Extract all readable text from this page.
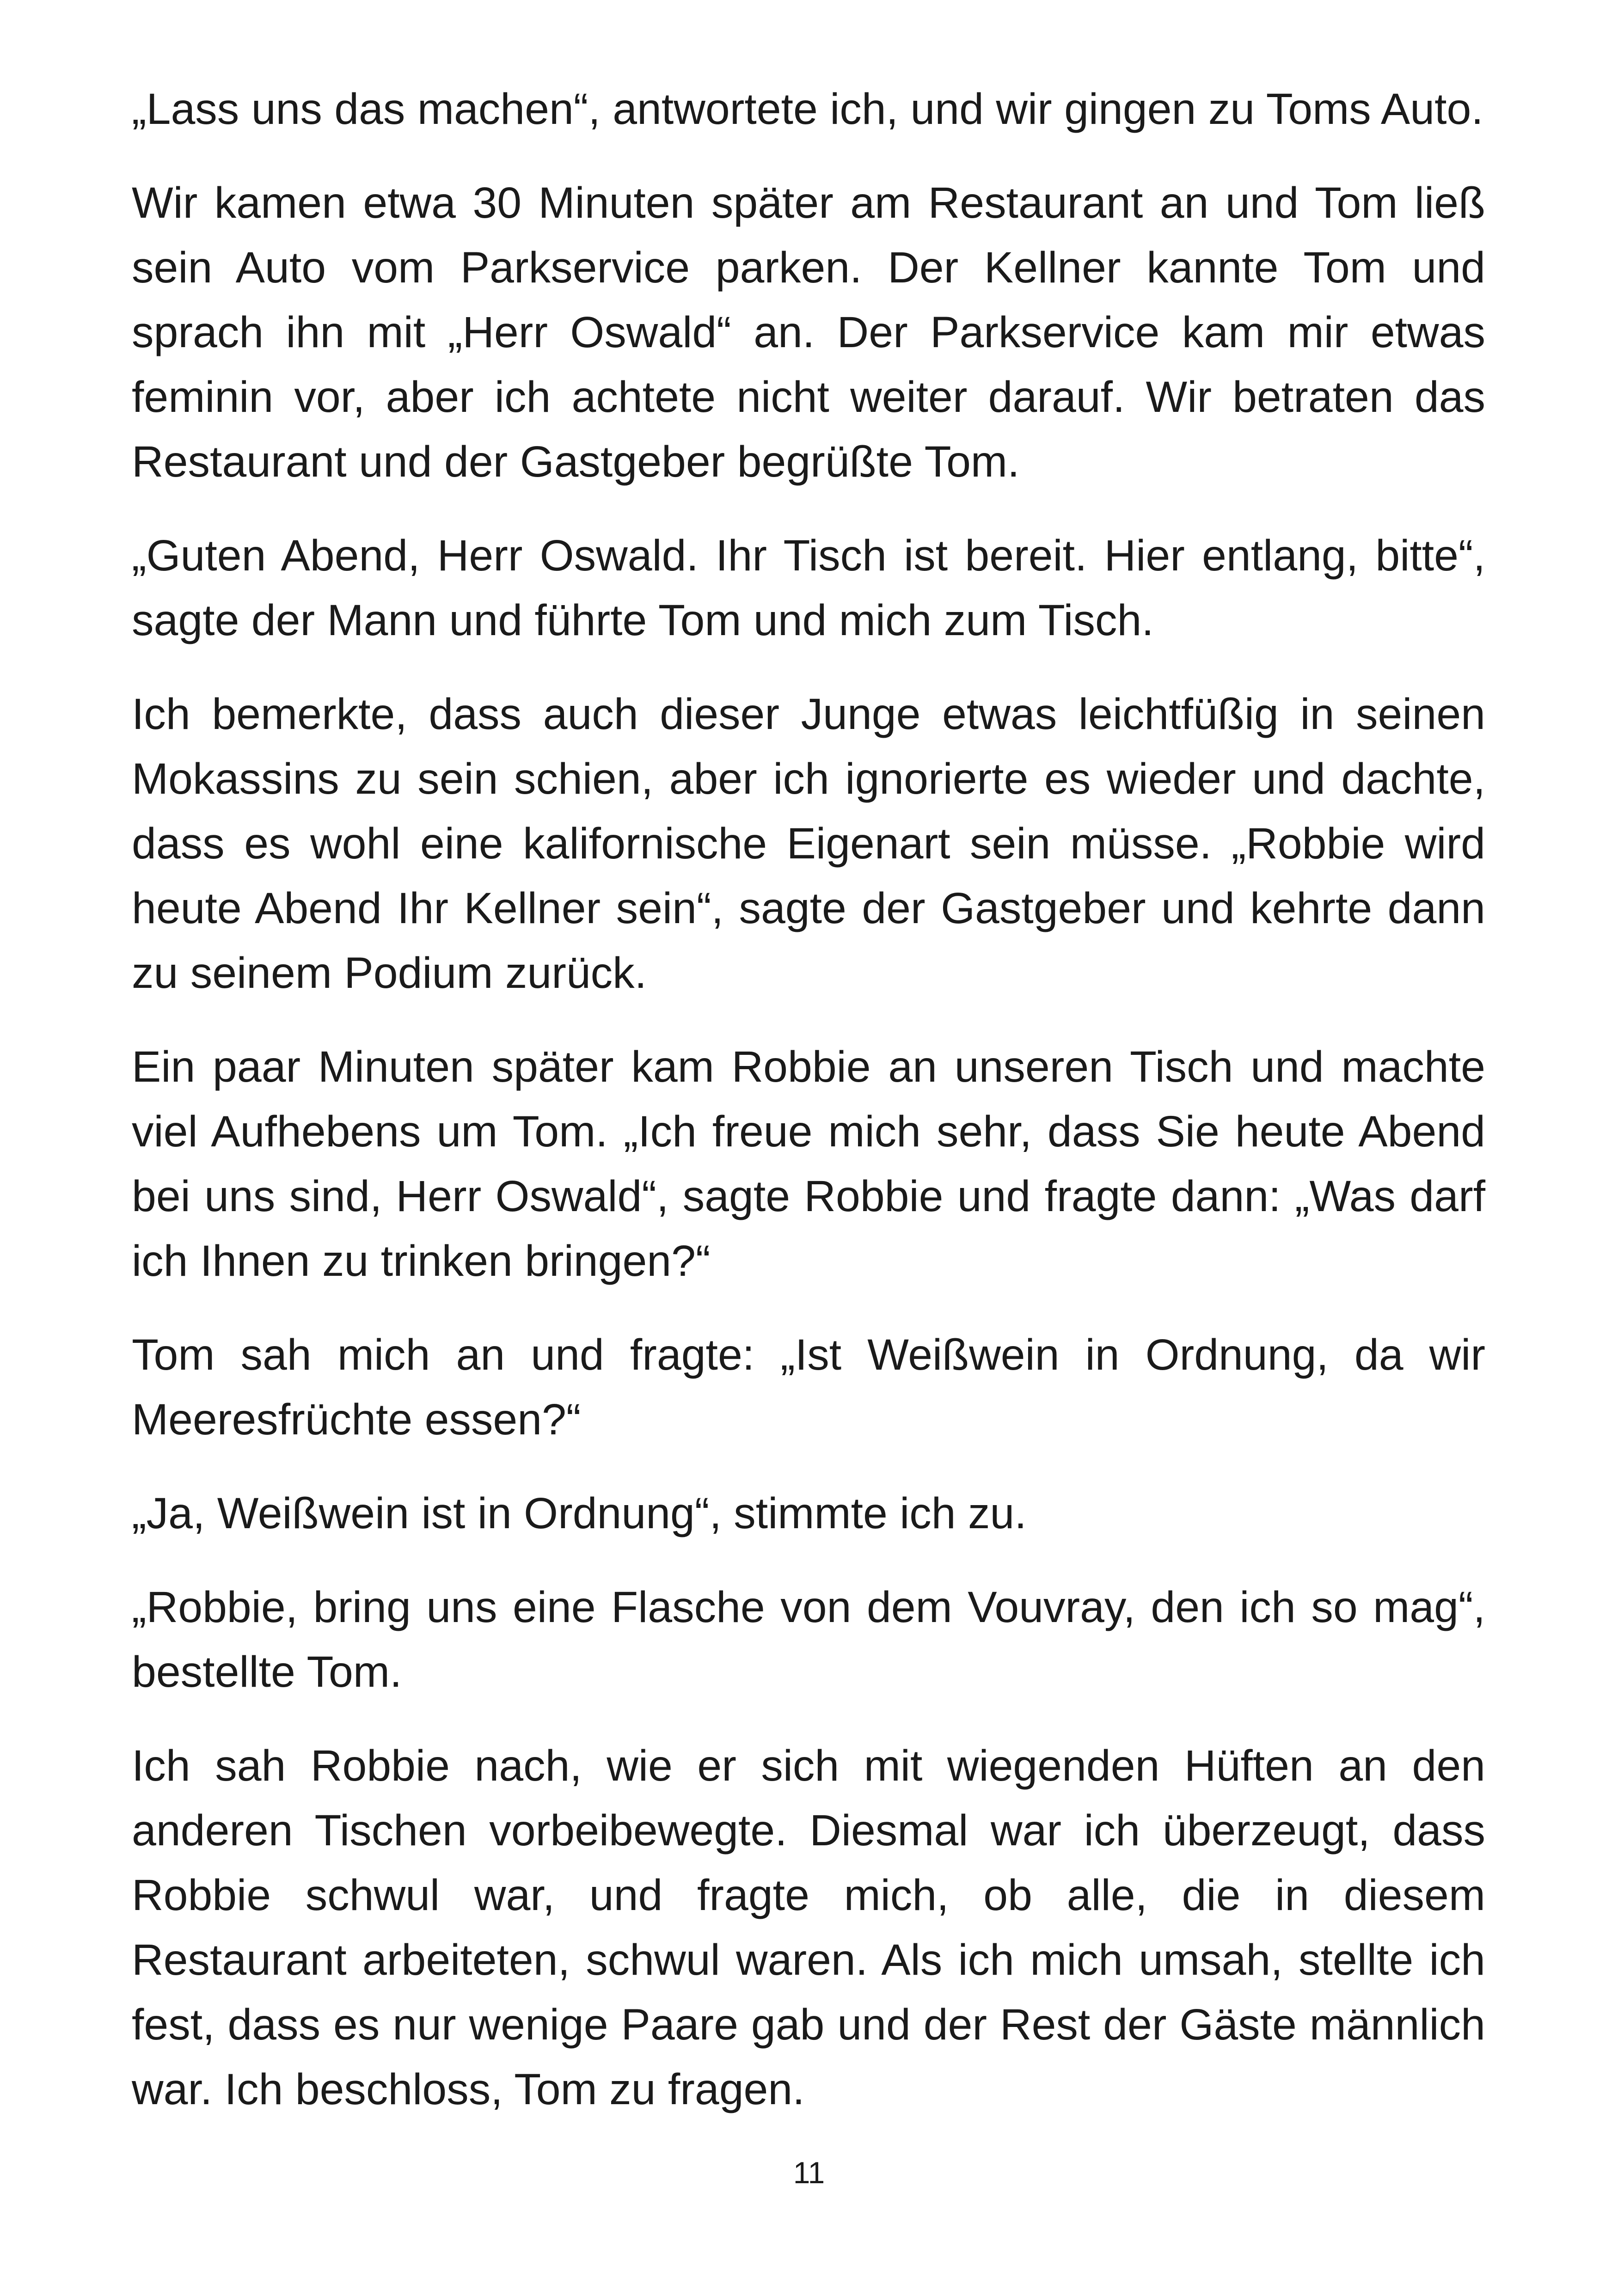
„Lass uns das machen“, antwortete ich, und wir gingen zu Toms Auto.

Wir kamen etwa 30 Minuten später am Restaurant an und Tom ließ sein Auto vom Parkservice parken. Der Kellner kannte Tom und sprach ihn mit „Herr Oswald“ an. Der Parkservice kam mir etwas feminin vor, aber ich achtete nicht weiter darauf. Wir betraten das Restaurant und der Gastgeber begrüßte Tom.

„Guten Abend, Herr Oswald. Ihr Tisch ist bereit. Hier entlang, bitte“, sagte der Mann und führte Tom und mich zum Tisch.

Ich bemerkte, dass auch dieser Junge etwas leichtfüßig in seinen Mokassins zu sein schien, aber ich ignorierte es wieder und dachte, dass es wohl eine kalifornische Eigenart sein müsse. „Robbie wird heute Abend Ihr Kellner sein“, sagte der Gastgeber und kehrte dann zu seinem Podium zurück.

Ein paar Minuten später kam Robbie an unseren Tisch und machte viel Aufhebens um Tom. „Ich freue mich sehr, dass Sie heute Abend bei uns sind, Herr Oswald“, sagte Robbie und fragte dann: „Was darf ich Ihnen zu trinken bringen?“

Tom sah mich an und fragte: „Ist Weißwein in Ordnung, da wir Meeresfrüchte essen?“

„Ja, Weißwein ist in Ordnung“, stimmte ich zu.

„Robbie, bring uns eine Flasche von dem Vouvray, den ich so mag“, bestellte Tom.

Ich sah Robbie nach, wie er sich mit wiegenden Hüften an den anderen Tischen vorbeibewegte. Diesmal war ich überzeugt, dass Robbie schwul war, und fragte mich, ob alle, die in diesem Restaurant arbeiteten, schwul waren. Als ich mich umsah, stellte ich fest, dass es nur wenige Paare gab und der Rest der Gäste männlich war. Ich beschloss, Tom zu fragen.

11
